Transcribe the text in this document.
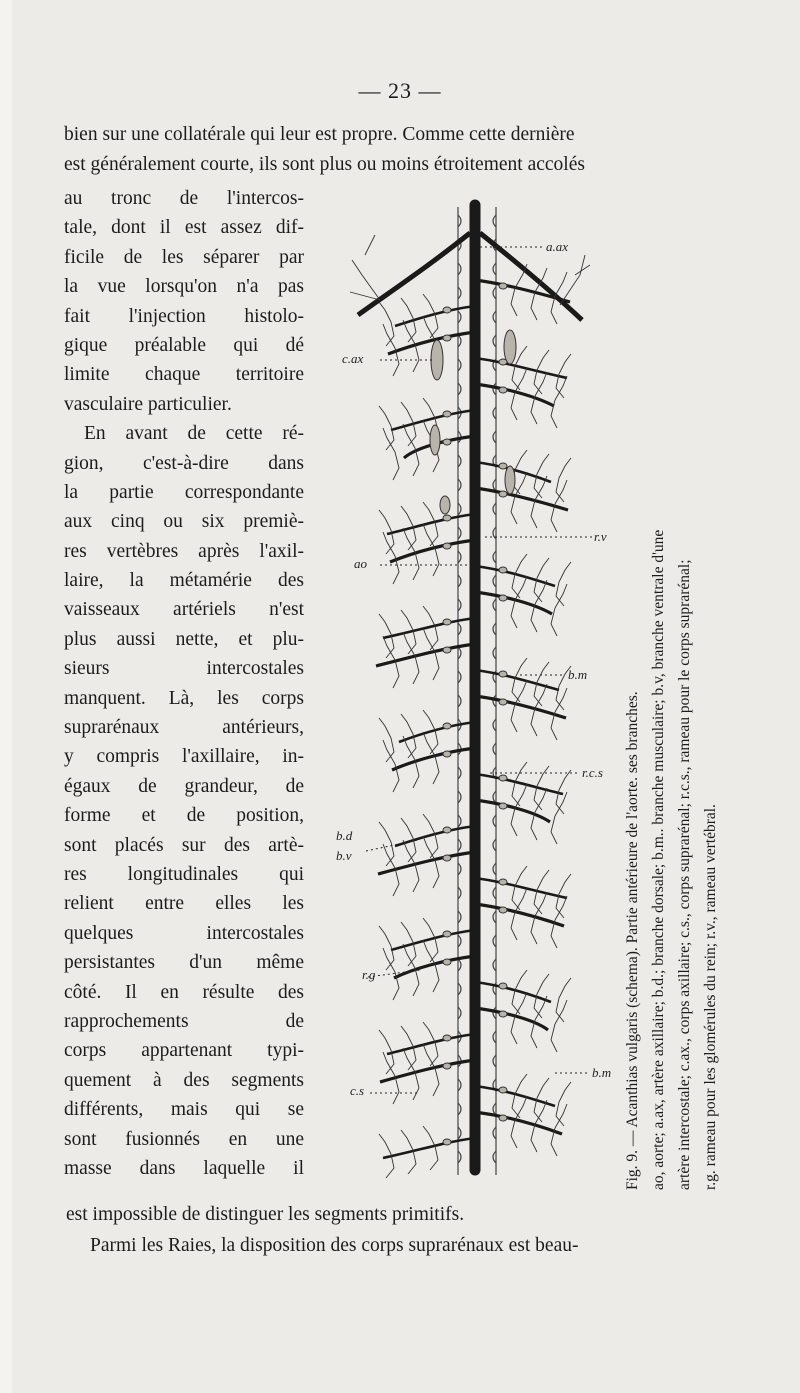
— 23 —
bien sur une collatérale qui leur est propre. Comme cette dernière
est généralement courte, ils sont plus ou moins étroitement accolés
au tronc de l'intercos-
tale, dont il est assez dif-
ficile de les séparer par
la vue lorsqu'on n'a pas
fait l'injection histolo-
gique préalable qui dé
limite chaque territoire
vasculaire particulier.
En avant de cette ré-
gion, c'est-à-dire dans
la partie correspondante
aux cinq ou six premiè-
res vertèbres après l'axil-
laire, la métamérie des
vaisseaux artériels n'est
plus aussi nette, et plu-
sieurs intercostales
manquent. Là, les corps
suprarénaux antérieurs,
y compris l'axillaire, in-
égaux de grandeur, de
forme et de position,
sont placés sur des artè-
res longitudinales qui
relient entre elles les
quelques intercostales
persistantes d'un même
côté. Il en résulte des
rapprochements de
corps appartenant typi-
quement à des segments
différents, mais qui se
sont fusionnés en une
masse dans laquelle il
est impossible de distinguer les segments primitifs.
Parmi les Raies, la disposition des corps suprarénaux est beau-
a.ax
c.ax
r.v
ao
b.m
r.c.s
b.d
b.v
r.g
c.s
b.m Fig. 9. — Acanthias vulgaris (schema). Partie antérieure de l'aorte. ses branches. ao, aorte; a.ax, artère axillaire; b.d.; branche dorsale; b.m.. branche musculaire; b.v, branche ventrale d'une artère intercostale; c.ax., corps axillaire; c.s., corps suprarénal; r.c.s., rameau pour le corps suprarénal; r.g. rameau pour les glomérules du rein; r.v., rameau vertébral.
